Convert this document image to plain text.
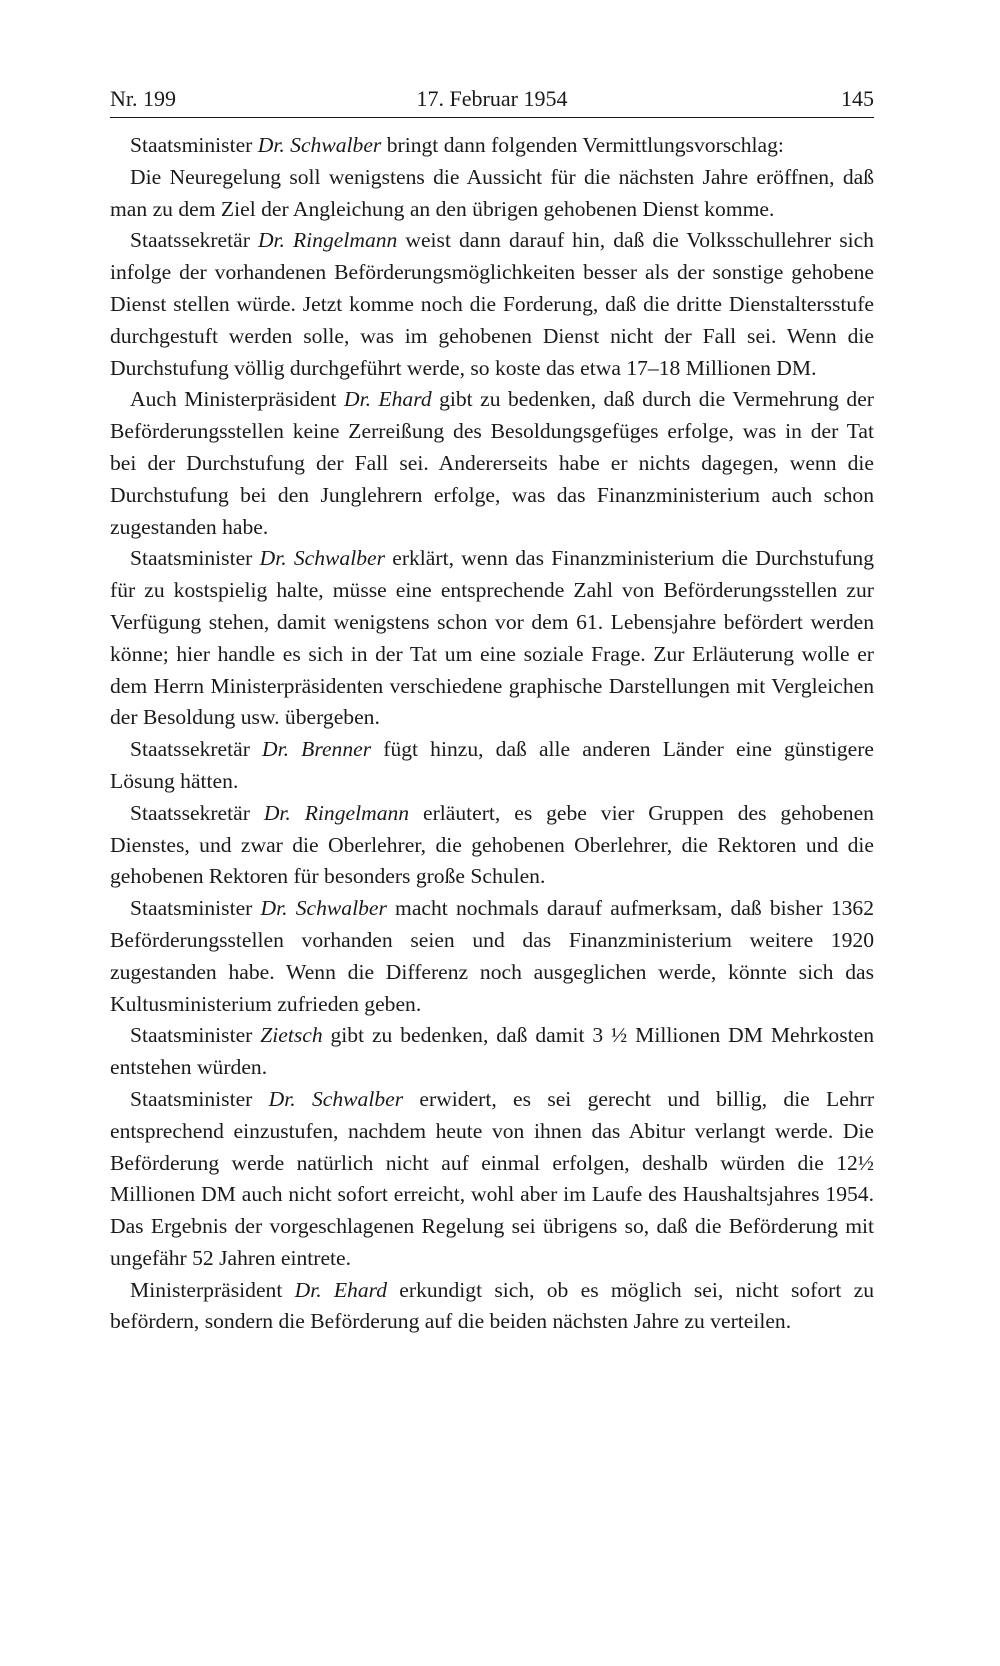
Nr. 199	17. Februar 1954	145

Staatsminister Dr. Schwalber bringt dann folgenden Vermittlungsvorschlag:

Die Neuregelung soll wenigstens die Aussicht für die nächsten Jahre eröffnen, daß man zu dem Ziel der Angleichung an den übrigen gehobenen Dienst komme.

Staatssekretär Dr. Ringelmann weist dann darauf hin, daß die Volksschullehrer sich infolge der vorhandenen Beförderungsmöglichkeiten besser als der sonstige gehobene Dienst stellen würde. Jetzt komme noch die Forderung, daß die dritte Dienstaltersstufe durchgestuft werden solle, was im gehobenen Dienst nicht der Fall sei. Wenn die Durchstufung völlig durchgeführt werde, so koste das etwa 17–18 Millionen DM.

Auch Ministerpräsident Dr. Ehard gibt zu bedenken, daß durch die Vermehrung der Beförderungsstellen keine Zerreißung des Besoldungsgefüges erfolge, was in der Tat bei der Durchstufung der Fall sei. Andererseits habe er nichts dagegen, wenn die Durchstufung bei den Junglehrern erfolge, was das Finanzministerium auch schon zugestanden habe.

Staatsminister Dr. Schwalber erklärt, wenn das Finanzministerium die Durchstufung für zu kostspielig halte, müsse eine entsprechende Zahl von Beförderungsstellen zur Verfügung stehen, damit wenigstens schon vor dem 61. Lebensjahre befördert werden könne; hier handle es sich in der Tat um eine soziale Frage. Zur Erläuterung wolle er dem Herrn Ministerpräsidenten verschiedene graphische Darstellungen mit Vergleichen der Besoldung usw. übergeben.

Staatssekretär Dr. Brenner fügt hinzu, daß alle anderen Länder eine günstigere Lösung hätten.

Staatssekretär Dr. Ringelmann erläutert, es gebe vier Gruppen des gehobenen Dienstes, und zwar die Oberlehrer, die gehobenen Oberlehrer, die Rektoren und die gehobenen Rektoren für besonders große Schulen.

Staatsminister Dr. Schwalber macht nochmals darauf aufmerksam, daß bisher 1362 Beförderungsstellen vorhanden seien und das Finanzministerium weitere 1920 zugestanden habe. Wenn die Differenz noch ausgeglichen werde, könnte sich das Kultusministerium zufrieden geben.

Staatsminister Zietsch gibt zu bedenken, daß damit 3 ½ Millionen DM Mehrkosten entstehen würden.

Staatsminister Dr. Schwalber erwidert, es sei gerecht und billig, die Lehrr entsprechend einzustufen, nachdem heute von ihnen das Abitur verlangt werde. Die Beförderung werde natürlich nicht auf einmal erfolgen, deshalb würden die 12½ Millionen DM auch nicht sofort erreicht, wohl aber im Laufe des Haushaltsjahres 1954. Das Ergebnis der vorgeschlagenen Regelung sei übrigens so, daß die Beförderung mit ungefähr 52 Jahren eintrete.

Ministerpräsident Dr. Ehard erkundigt sich, ob es möglich sei, nicht sofort zu befördern, sondern die Beförderung auf die beiden nächsten Jahre zu verteilen.
